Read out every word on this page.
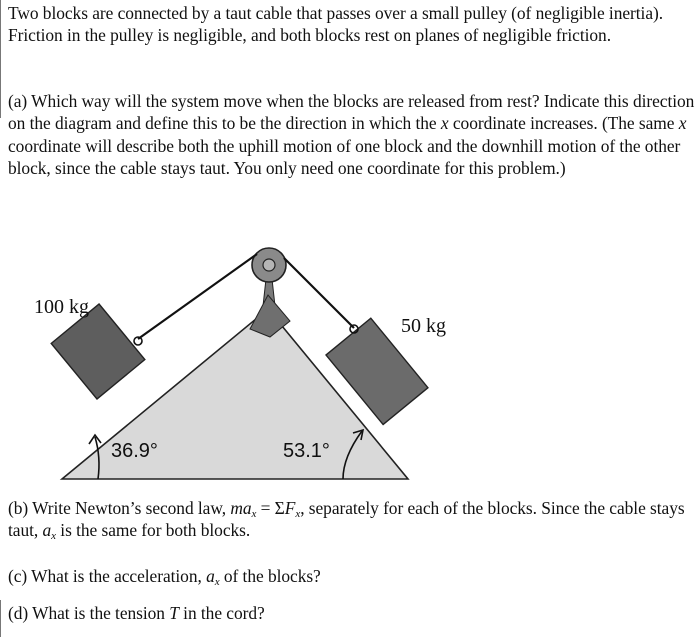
Two blocks are connected by a taut cable that passes over a small pulley (of negligible inertia). Friction in the pulley is negligible, and both blocks rest on planes of negligible friction.

(a) Which way will the system move when the blocks are released from rest? Indicate this direction on the diagram and define this to be the direction in which the x coordinate increases. (The same x coordinate will describe both the uphill motion of one block and the downhill motion of the other block, since the cable stays taut. You only need one coordinate for this problem.)

100 kg
50 kg
36.9°	53.1°

(b) Write Newton’s second law, $ma_x = \Sigma F_x$, separately for each of the blocks. Since the cable stays taut, $a_x$ is the same for both blocks.

(c) What is the acceleration, $a_x$ of the blocks?

(d) What is the tension T in the cord?
